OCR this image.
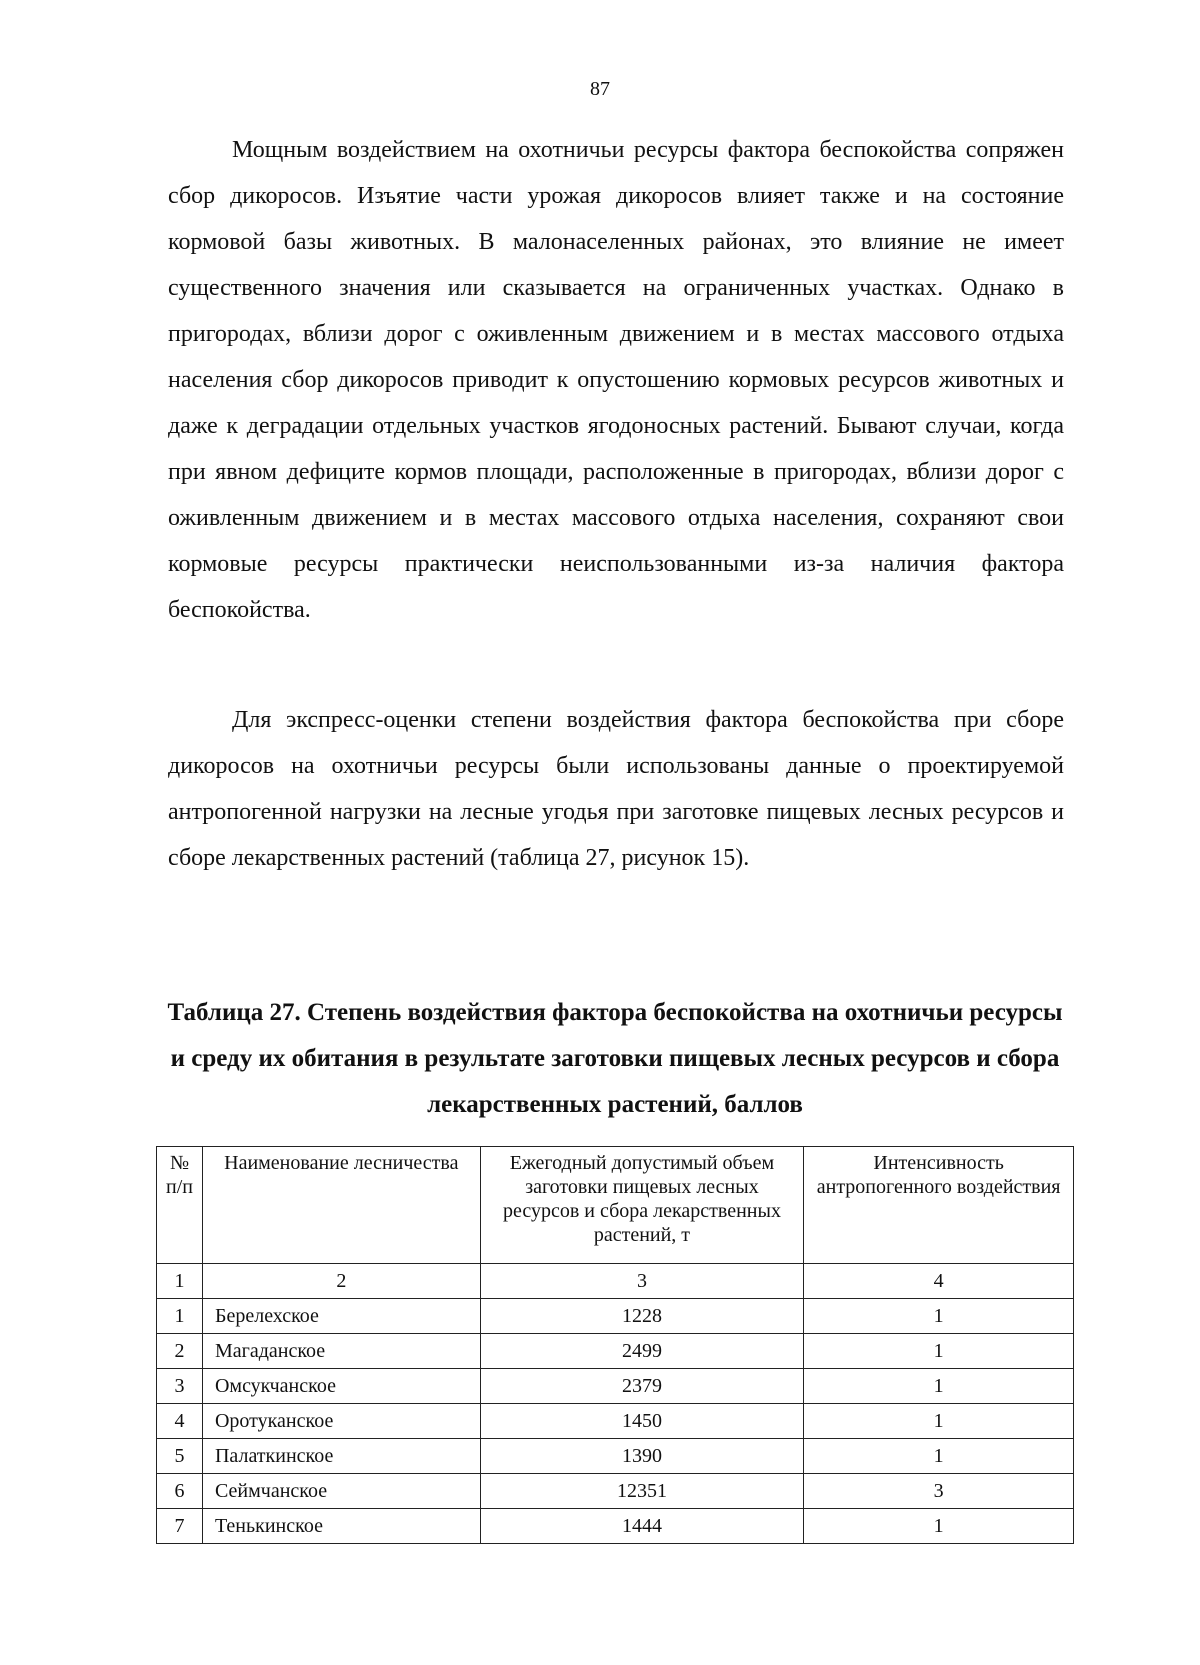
87

Мощным воздействием на охотничьи ресурсы фактора беспокойства сопряжен сбор дикоросов. Изъятие части урожая дикоросов влияет также и на состояние кормовой базы животных. В малонаселенных районах, это влияние не имеет существенного значения или сказывается на ограниченных участках. Однако в пригородах, вблизи дорог с оживленным движением и в местах массового отдыха населения сбор дикоросов приводит к опустошению кормовых ресурсов животных и даже к деградации отдельных участков ягодоносных растений. Бывают случаи, когда при явном дефиците кормов площади, расположенные в пригородах, вблизи дорог с оживленным движением и в местах массового отдыха населения, сохраняют свои кормовые ресурсы практически неиспользованными из-за наличия фактора беспокойства.

Для экспресс-оценки степени воздействия фактора беспокойства при сборе дикоросов на охотничьи ресурсы были использованы данные о проектируемой антропогенной нагрузки на лесные угодья при заготовке пищевых лесных ресурсов и сборе лекарственных растений (таблица 27, рисунок 15).

Таблица 27. Степень воздействия фактора беспокойства на охотничьи ресурсы и среду их обитания в результате заготовки пищевых лесных ресурсов и сбора лекарственных растений, баллов

№ п/п	Наименование лесничества	Ежегодный допустимый объем заготовки пищевых лесных ресурсов и сбора лекарственных растений, т	Интенсивность антропогенного воздействия
1	2	3	4
1	Берелехское	1228	1
2	Магаданское	2499	1
3	Омсукчанское	2379	1
4	Оротуканское	1450	1
5	Палаткинское	1390	1
6	Сеймчанское	12351	3
7	Тенькинское	1444	1
